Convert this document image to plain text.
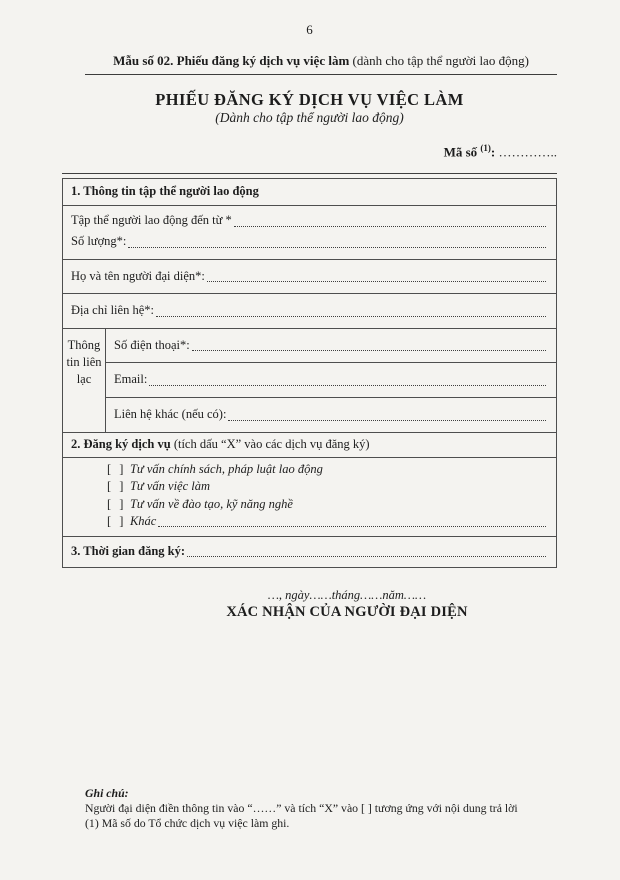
6
Mẫu số 02. Phiếu đăng ký dịch vụ việc làm (dành cho tập thể người lao động)
PHIẾU ĐĂNG KÝ DỊCH VỤ VIỆC LÀM
(Dành cho tập thể người lao động)
Mã số $^{(1)}$: …………..
1. Thông tin tập thể người lao động
Tập thể người lao động đến từ *
Số lượng*:
Họ và tên người đại diện*:
Địa chỉ liên hệ*:
Thông tin liên lạc
Số điện thoại*:
Email:
Liên hệ khác (nếu có):
2. Đăng ký dịch vụ (tích dấu “X” vào các dịch vụ đăng ký)
[ ] Tư vấn chính sách, pháp luật lao động
[ ] Tư vấn việc làm
[ ] Tư vấn về đào tạo, kỹ năng nghề
[ ] Khác
3. Thời gian đăng ký:
…, ngày……tháng……năm……
XÁC NHẬN CỦA NGƯỜI ĐẠI DIỆN
Ghi chú:
Người đại diện điền thông tin vào “……” và tích “X” vào [ ] tương ứng với nội dung trả lời
(1) Mã số do Tổ chức dịch vụ việc làm ghi.
